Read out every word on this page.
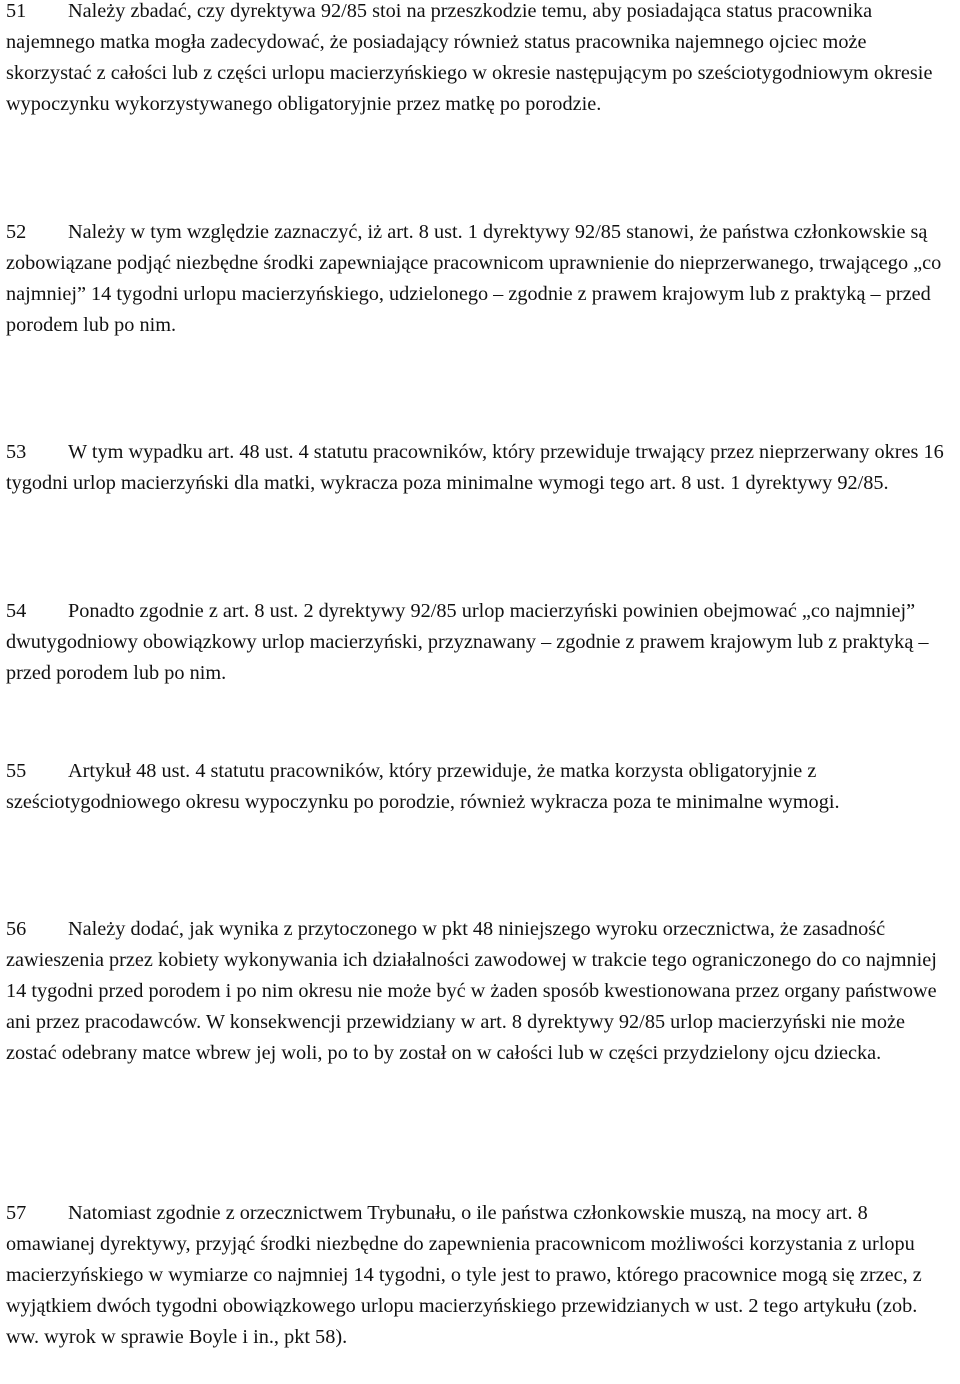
51 Należy zbadać, czy dyrektywa 92/85 stoi na przeszkodzie temu, aby posiadająca status pracownika najemnego matka mogła zadecydować, że posiadający również status pracownika najemnego ojciec może skorzystać z całości lub z części urlopu macierzyńskiego w okresie następującym po sześciotygodniowym okresie wypoczynku wykorzystywanego obligatoryjnie przez matkę po porodzie.

52 Należy w tym względzie zaznaczyć, iż art. 8 ust. 1 dyrektywy 92/85 stanowi, że państwa członkowskie są zobowiązane podjąć niezbędne środki zapewniające pracownicom uprawnienie do nieprzerwanego, trwającego „co najmniej” 14 tygodni urlopu macierzyńskiego, udzielonego – zgodnie z prawem krajowym lub z praktyką – przed porodem lub po nim.

53 W tym wypadku art. 48 ust. 4 statutu pracowników, który przewiduje trwający przez nieprzerwany okres 16 tygodni urlop macierzyński dla matki, wykracza poza minimalne wymogi tego art. 8 ust. 1 dyrektywy 92/85.

54 Ponadto zgodnie z art. 8 ust. 2 dyrektywy 92/85 urlop macierzyński powinien obejmować „co najmniej” dwutygodniowy obowiązkowy urlop macierzyński, przyznawany – zgodnie z prawem krajowym lub z praktyką – przed porodem lub po nim.

55 Artykuł 48 ust. 4 statutu pracowników, który przewiduje, że matka korzysta obligatoryjnie z sześciotygodniowego okresu wypoczynku po porodzie, również wykracza poza te minimalne wymogi.

56 Należy dodać, jak wynika z przytoczonego w pkt 48 niniejszego wyroku orzecznictwa, że zasadność zawieszenia przez kobiety wykonywania ich działalności zawodowej w trakcie tego ograniczonego do co najmniej 14 tygodni przed porodem i po nim okresu nie może być w żaden sposób kwestionowana przez organy państwowe ani przez pracodawców. W konsekwencji przewidziany w art. 8 dyrektywy 92/85 urlop macierzyński nie może zostać odebrany matce wbrew jej woli, po to by został on w całości lub w części przydzielony ojcu dziecka.

57 Natomiast zgodnie z orzecznictwem Trybunału, o ile państwa członkowskie muszą, na mocy art. 8 omawianej dyrektywy, przyjąć środki niezbędne do zapewnienia pracownicom możliwości korzystania z urlopu macierzyńskiego w wymiarze co najmniej 14 tygodni, o tyle jest to prawo, którego pracownice mogą się zrzec, z wyjątkiem dwóch tygodni obowiązkowego urlopu macierzyńskiego przewidzianych w ust. 2 tego artykułu (zob. ww. wyrok w sprawie Boyle i in., pkt 58).
